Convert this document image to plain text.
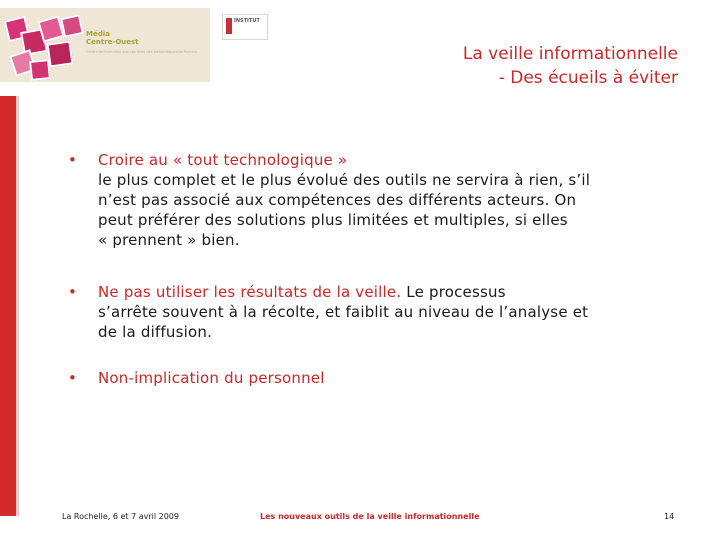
Média
Centre-Ouest
Centre de formation aux carrières des bibliothèques de Poitiers
INSTITUT
La veille informationnelle
- Des écueils à éviter
• Croire au « tout technologique »
le plus complet et le plus évolué des outils ne servira à rien, s’il
n’est pas associé aux compétences des différents acteurs. On
peut préférer des solutions plus limitées et multiples, si elles
« prennent » bien.
• Ne pas utiliser les résultats de la veille. Le processus
s’arrête souvent à la récolte, et faiblit au niveau de l’analyse et
de la diffusion.
• Non-implication du personnel
La Rochelle, 6 et 7 avril 2009	Les nouveaux outils de la veille informationnelle	14
